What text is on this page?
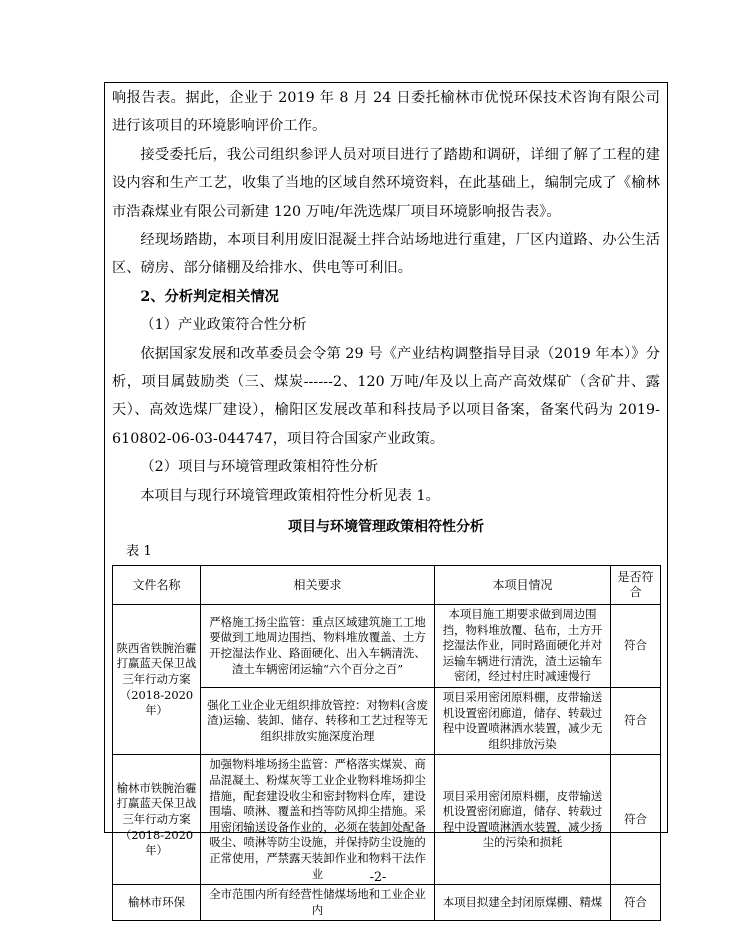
响报告表。据此，企业于 2019 年 8 月 24 日委托榆林市优悦环保技术咨询有限公司进行该项目的环境影响评价工作。

接受委托后，我公司组织参评人员对项目进行了踏勘和调研，详细了解了工程的建设内容和生产工艺，收集了当地的区域自然环境资料，在此基础上，编制完成了《榆林市浩森煤业有限公司新建 120 万吨/年洗选煤厂项目环境影响报告表》。

经现场踏勘，本项目利用废旧混凝土拌合站场地进行重建，厂区内道路、办公生活区、磅房、部分储棚及给排水、供电等可利旧。

2、分析判定相关情况

（1）产业政策符合性分析

依据国家发展和改革委员会令第 29 号《产业结构调整指导目录（2019 年本）》分析，项目属鼓励类（三、煤炭------2、120 万吨/年及以上高产高效煤矿（含矿井、露天）、高效选煤厂建设），榆阳区发展改革和科技局予以项目备案，备案代码为 2019-610802-06-03-044747，项目符合国家产业政策。

（2）项目与环境管理政策相符性分析

本项目与现行环境管理政策相符性分析见表 1。

项目与环境管理政策相符性分析
表 1
文件名称	相关要求	本项目情况	是否符合
陕西省铁腕治霾打赢蓝天保卫战三年行动方案（2018-2020年）	严格施工扬尘监管：重点区域建筑施工工地要做到工地周边围挡、物料堆放覆盖、土方开挖湿法作业、路面硬化、出入车辆清洗、渣土车辆密闭运输“六个百分之百”	本项目施工期要求做到周边围挡，物料堆放覆、毡布，土方开挖湿法作业，同时路面硬化并对运输车辆进行清洗，渣土运输车密闭，经过村庄时减速慢行	符合
	强化工业企业无组织排放管控：对物料(含废渣)运输、装卸、储存、转移和工艺过程等无组织排放实施深度治理	项目采用密闭原料棚，皮带输送机设置密闭廊道，储存、转载过程中设置喷淋洒水装置，减少无组织排放污染	符合
榆林市铁腕治霾打赢蓝天保卫战三年行动方案（2018-2020年）	加强物料堆场扬尘监管：严格落实煤炭、商品混凝土、粉煤灰等工业企业物料堆场抑尘措施，配套建设收尘和密封物料仓库，建设围墙、喷淋、覆盖和挡等防风抑尘措施。采用密闭输送设备作业的，必须在装卸处配备吸尘、喷淋等防尘设施，并保持防尘设施的正常使用，严禁露天装卸作业和物料干法作业	项目采用密闭原料棚，皮带输送机设置密闭廊道，储存、转载过程中设置喷淋洒水装置，减少扬尘的污染和损耗	符合
榆林市环保	全市范围内所有经营性储煤场地和工业企业内	本项目拟建全封闭原煤棚、精煤	符合
-2-
